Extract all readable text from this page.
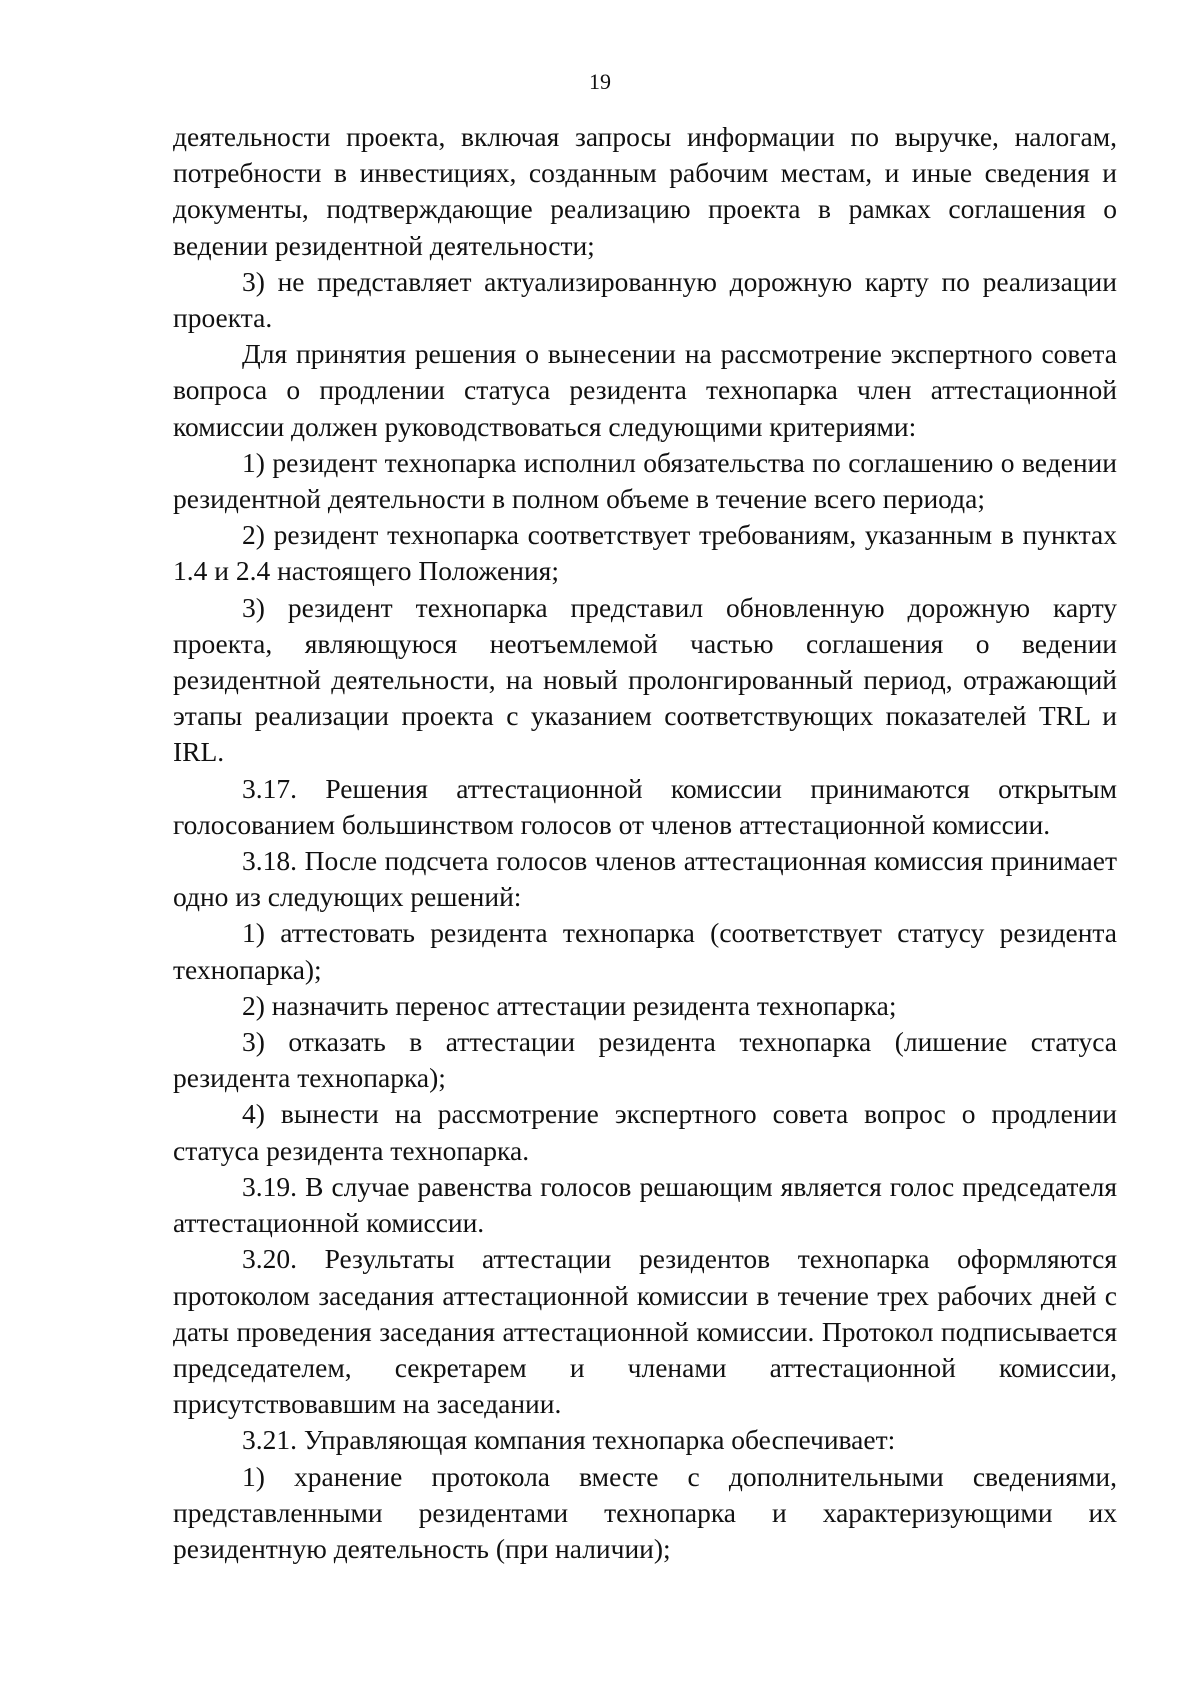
19

деятельности проекта, включая запросы информации по выручке, налогам, потребности в инвестициях, созданным рабочим местам, и иные сведения и документы, подтверждающие реализацию проекта в рамках соглашения о ведении резидентной деятельности;

3) не представляет актуализированную дорожную карту по реализации проекта.

Для принятия решения о вынесении на рассмотрение экспертного совета вопроса о продлении статуса резидента технопарка член аттестационной комиссии должен руководствоваться следующими критериями:

1) резидент технопарка исполнил обязательства по соглашению о ведении резидентной деятельности в полном объеме в течение всего периода;

2) резидент технопарка соответствует требованиям, указанным в пунктах 1.4 и 2.4 настоящего Положения;

3) резидент технопарка представил обновленную дорожную карту проекта, являющуюся неотъемлемой частью соглашения о ведении резидентной деятельности, на новый пролонгированный период, отражающий этапы реализации проекта с указанием соответствующих показателей TRL и IRL.

3.17. Решения аттестационной комиссии принимаются открытым голосованием большинством голосов от членов аттестационной комиссии.

3.18. После подсчета голосов членов аттестационная комиссия принимает одно из следующих решений:

1) аттестовать резидента технопарка (соответствует статусу резидента технопарка);

2) назначить перенос аттестации резидента технопарка;

3) отказать в аттестации резидента технопарка (лишение статуса резидента технопарка);

4) вынести на рассмотрение экспертного совета вопрос о продлении статуса резидента технопарка.

3.19. В случае равенства голосов решающим является голос председателя аттестационной комиссии.

3.20. Результаты аттестации резидентов технопарка оформляются протоколом заседания аттестационной комиссии в течение трех рабочих дней с даты проведения заседания аттестационной комиссии. Протокол подписывается председателем, секретарем и членами аттестационной комиссии, присутствовавшим на заседании.

3.21. Управляющая компания технопарка обеспечивает:

1) хранение протокола вместе с дополнительными сведениями, представленными резидентами технопарка и характеризующими их резидентную деятельность (при наличии);
